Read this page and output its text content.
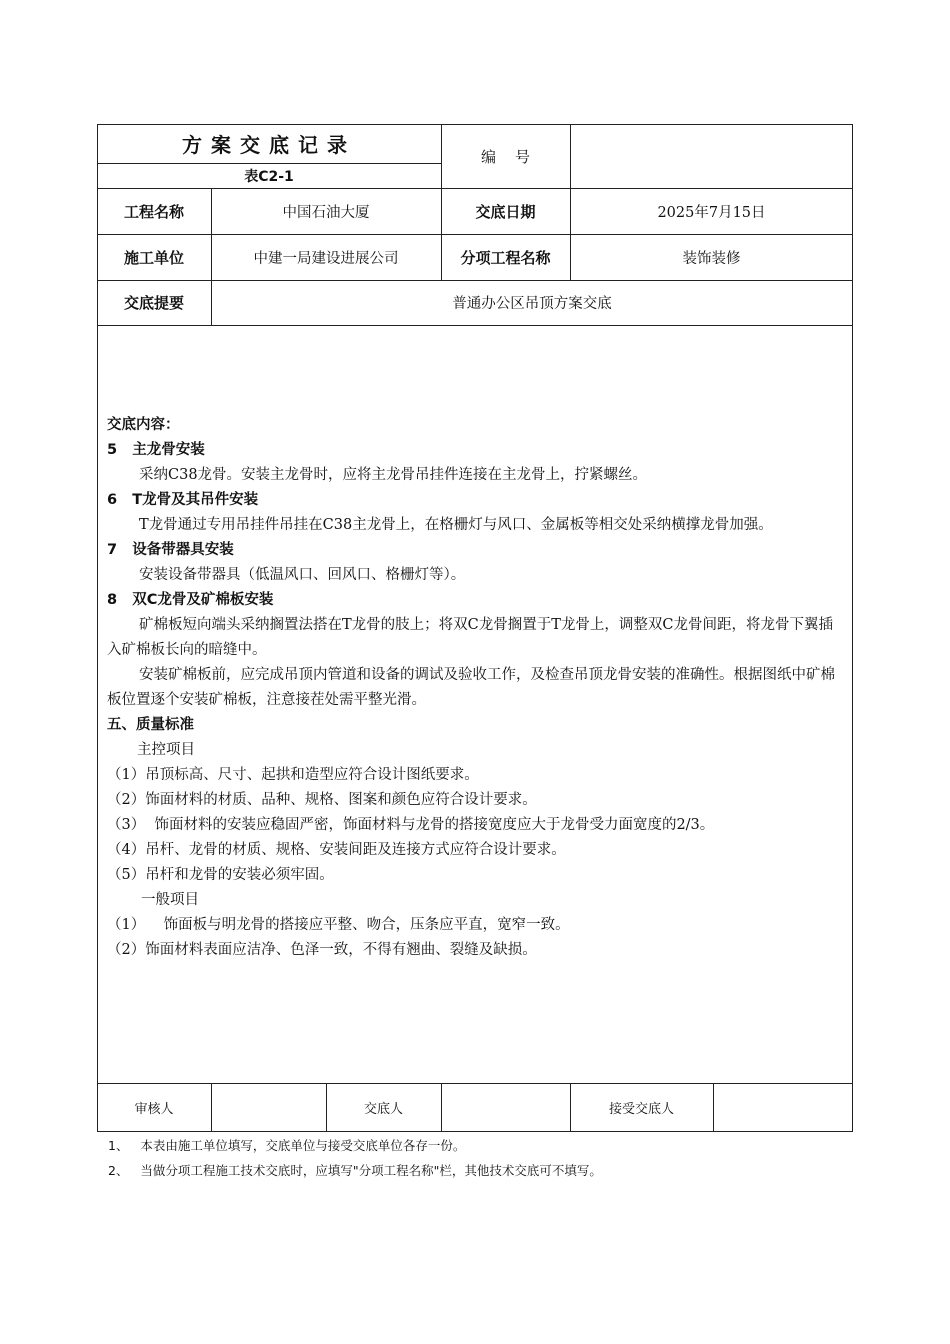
方案交底记录
表C2-1
编    号
工程名称	中国石油大厦	交底日期	2025年7月15日
施工单位	中建一局建设进展公司	分项工程名称	装饰装修
交底提要	普通办公区吊顶方案交底
交底内容：
5   主龙骨安装
采纳C38龙骨。安装主龙骨时，应将主龙骨吊挂件连接在主龙骨上，拧紧螺丝。
6   T龙骨及其吊件安装
T龙骨通过专用吊挂件吊挂在C38主龙骨上，在格栅灯与风口、金属板等相交处采纳横撑龙骨加强。
7   设备带器具安装
安装设备带器具（低温风口、回风口、格栅灯等）。
8   双C龙骨及矿棉板安装
矿棉板短向端头采纳搁置法搭在T龙骨的肢上；将双C龙骨搁置于T龙骨上，调整双C龙骨间距，将龙骨下翼插入矿棉板长向的暗缝中。
安装矿棉板前，应完成吊顶内管道和设备的调试及验收工作，及检查吊顶龙骨安装的准确性。根据图纸中矿棉板位置逐个安装矿棉板，注意接茬处需平整光滑。
五、质量标准
主控项目
（1）吊顶标高、尺寸、起拱和造型应符合设计图纸要求。
（2）饰面材料的材质、品种、规格、图案和颜色应符合设计要求。
（3）  饰面材料的安装应稳固严密，饰面材料与龙骨的搭接宽度应大于龙骨受力面宽度的2/3。
（4）吊杆、龙骨的材质、规格、安装间距及连接方式应符合设计要求。
（5）吊杆和龙骨的安装必须牢固。
一般项目
（1）    饰面板与明龙骨的搭接应平整、吻合，压条应平直，宽窄一致。
（2）饰面材料表面应洁净、色泽一致，不得有翘曲、裂缝及缺损。
审核人	交底人	接受交底人
1、   本表由施工单位填写，交底单位与接受交底单位各存一份。
2、   当做分项工程施工技术交底时，应填写"分项工程名称"栏，其他技术交底可不填写。
